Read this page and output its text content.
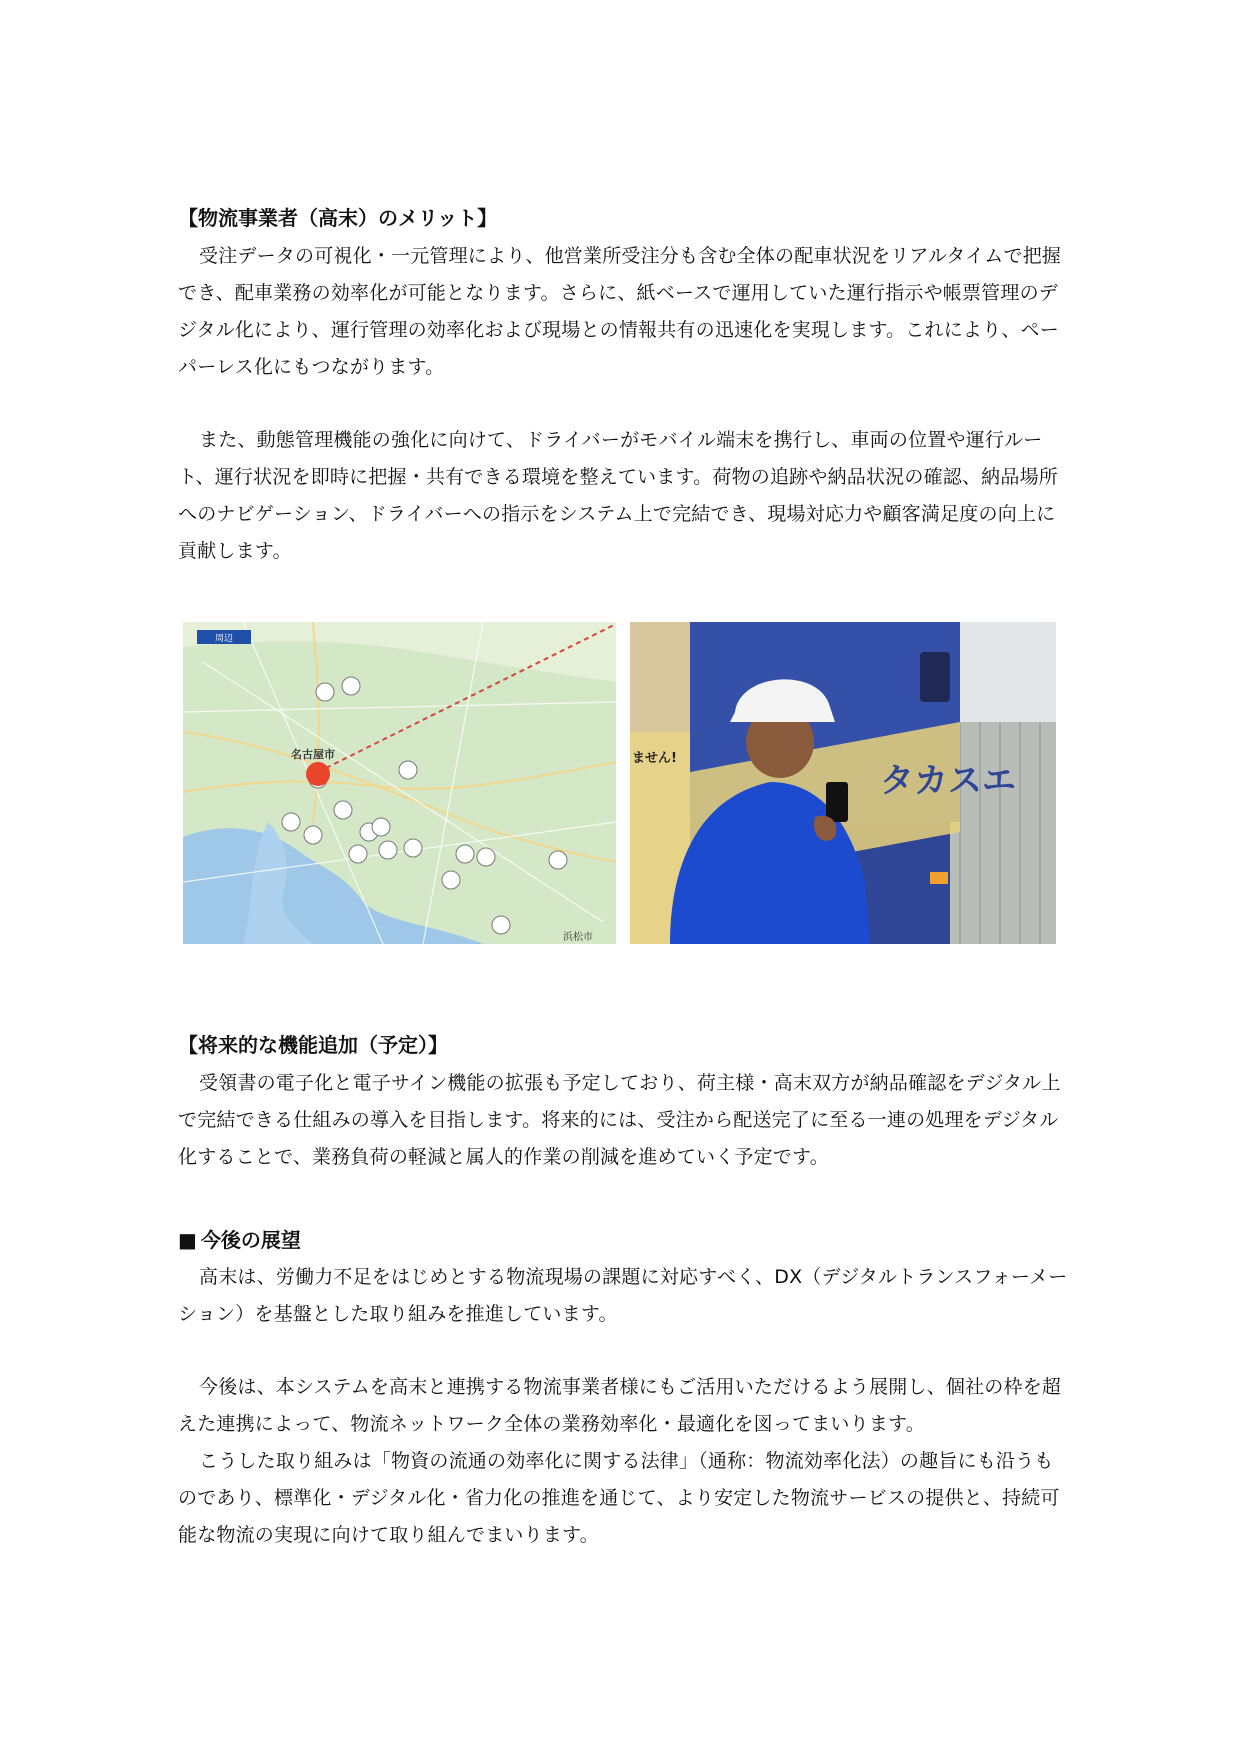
【物流事業者（高末）のメリット】

受注データの可視化・一元管理により、他営業所受注分も含む全体の配車状況をリアルタイムで把握でき、配車業務の効率化が可能となります。さらに、紙ベースで運用していた運行指示や帳票管理のデジタル化により、運行管理の効率化および現場との情報共有の迅速化を実現します。これにより、ペーパーレス化にもつながります。

また、動態管理機能の強化に向けて、ドライバーがモバイル端末を携行し、車両の位置や運行ルート、運行状況を即時に把握・共有できる環境を整えています。荷物の追跡や納品状況の確認、納品場所へのナビゲーション、ドライバーへの指示をシステム上で完結でき、現場対応力や顧客満足度の向上に貢献します。

周辺
名古屋市
浜松市
タカスエ
ません!
【将来的な機能追加（予定）】

受領書の電子化と電子サイン機能の拡張も予定しており、荷主様・高末双方が納品確認をデジタル上で完結できる仕組みの導入を目指します。将来的には、受注から配送完了に至る一連の処理をデジタル化することで、業務負荷の軽減と属人的作業の削減を進めていく予定です。

■ 今後の展望

高末は、労働力不足をはじめとする物流現場の課題に対応すべく、DX（デジタルトランスフォーメーション）を基盤とした取り組みを推進しています。

今後は、本システムを高末と連携する物流事業者様にもご活用いただけるよう展開し、個社の枠を超えた連携によって、物流ネットワーク全体の業務効率化・最適化を図ってまいります。

こうした取り組みは「物資の流通の効率化に関する法律」（通称：物流効率化法）の趣旨にも沿うものであり、標準化・デジタル化・省力化の推進を通じて、より安定した物流サービスの提供と、持続可能な物流の実現に向けて取り組んでまいります。
